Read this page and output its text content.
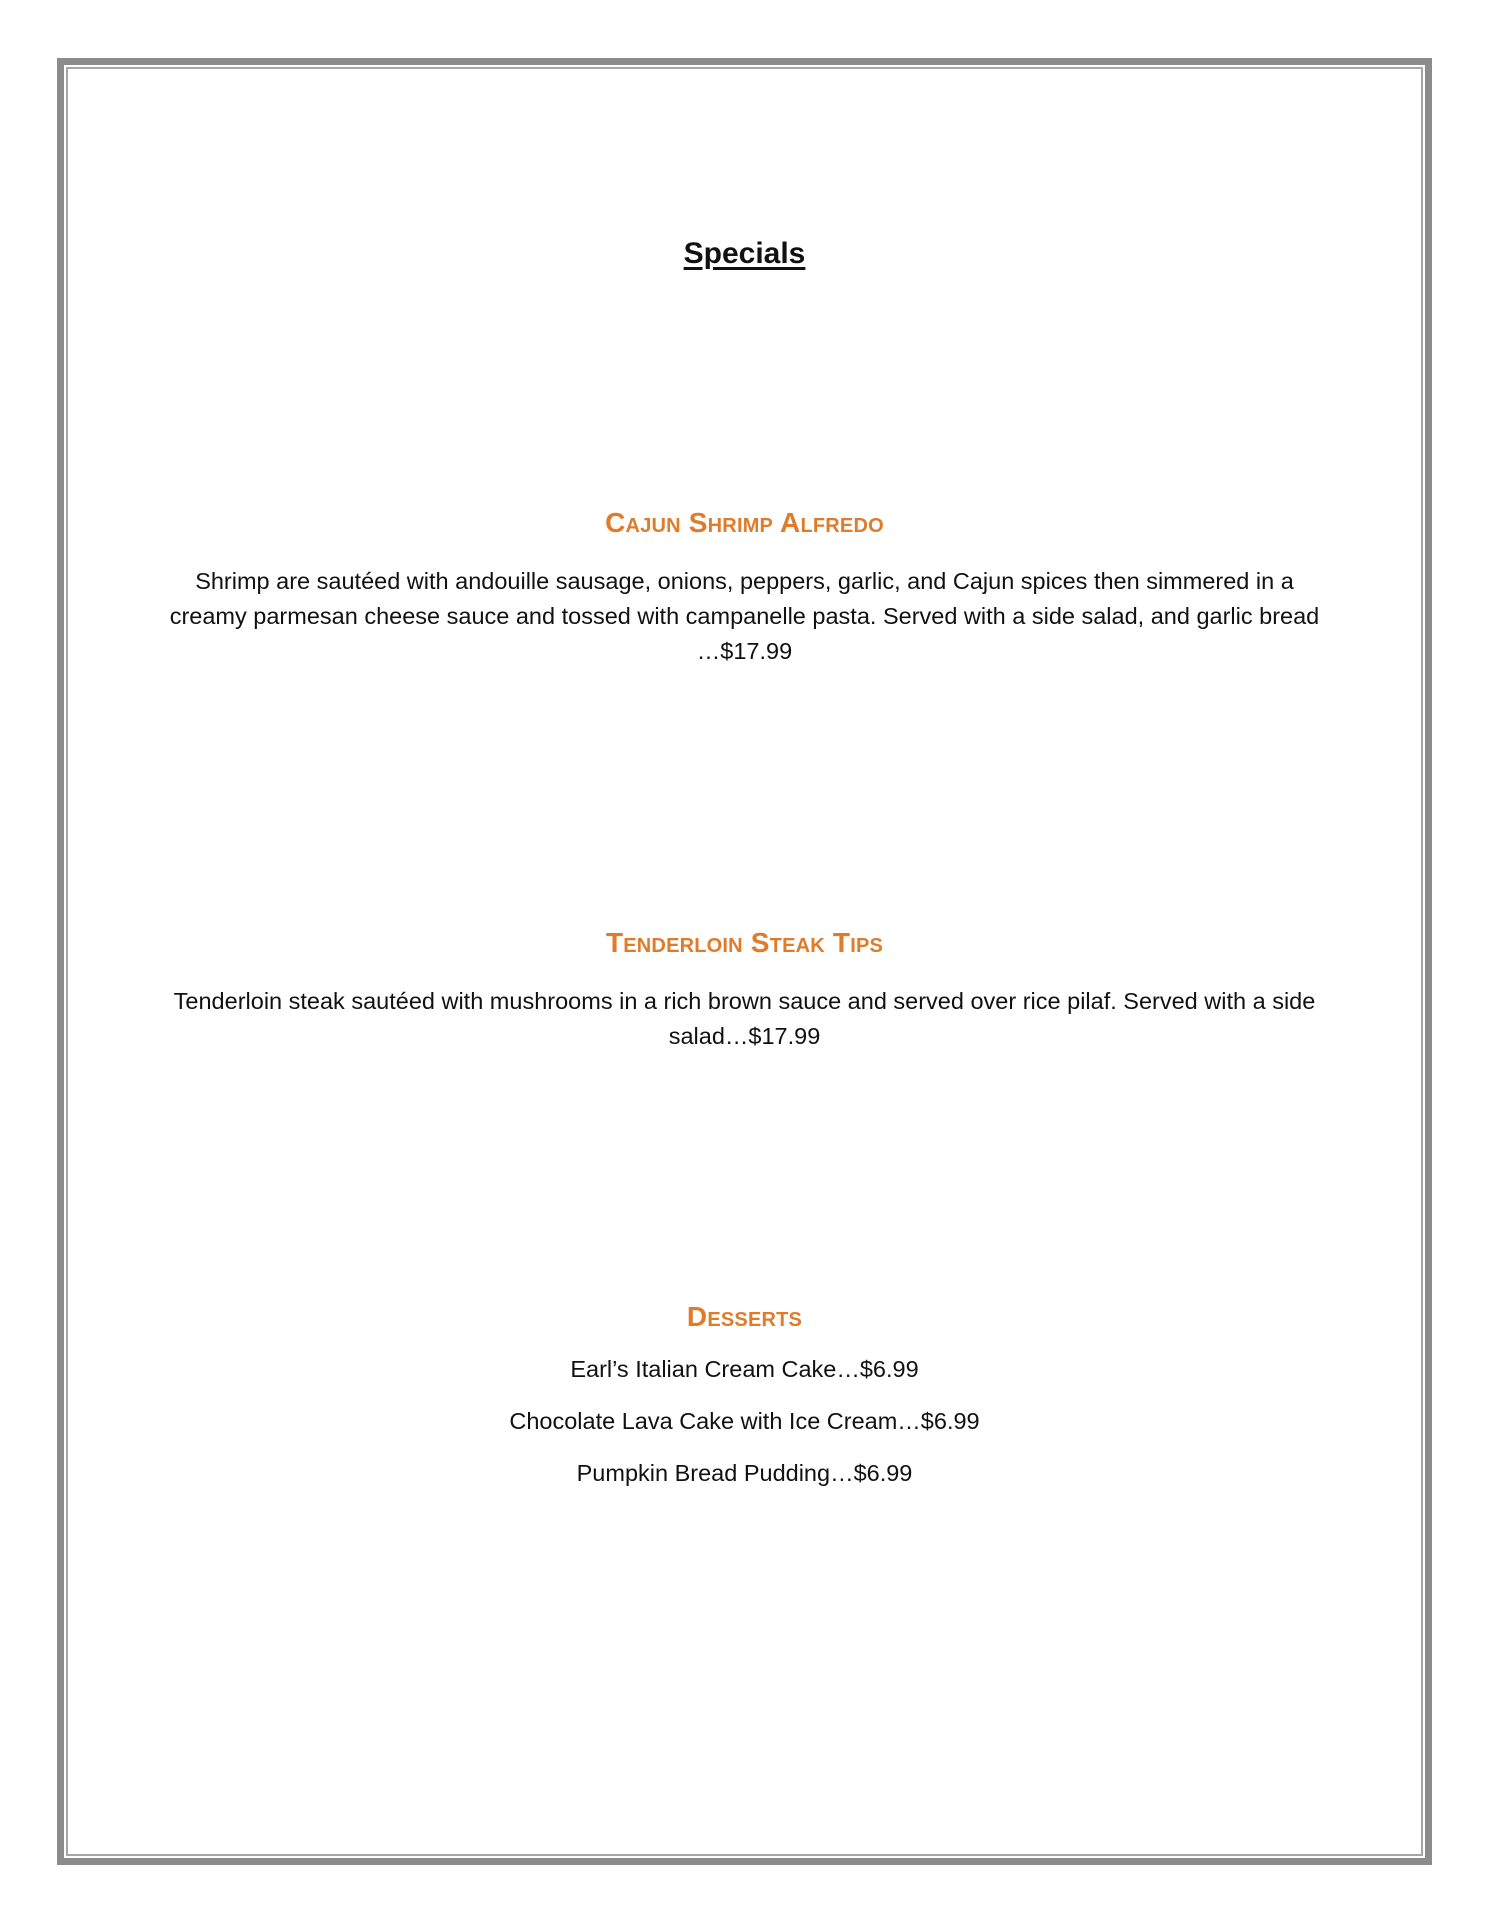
Specials
Cajun Shrimp Alfredo

Shrimp are sautéed with andouille sausage, onions, peppers, garlic, and Cajun spices then simmered in a creamy parmesan cheese sauce and tossed with campanelle pasta. Served with a side salad, and garlic bread …$17.99

Tenderloin Steak Tips

Tenderloin steak sautéed with mushrooms in a rich brown sauce and served over rice pilaf. Served with a side salad…$17.99

Desserts
Earl’s Italian Cream Cake…$6.99
Chocolate Lava Cake with Ice Cream…$6.99
Pumpkin Bread Pudding…$6.99
